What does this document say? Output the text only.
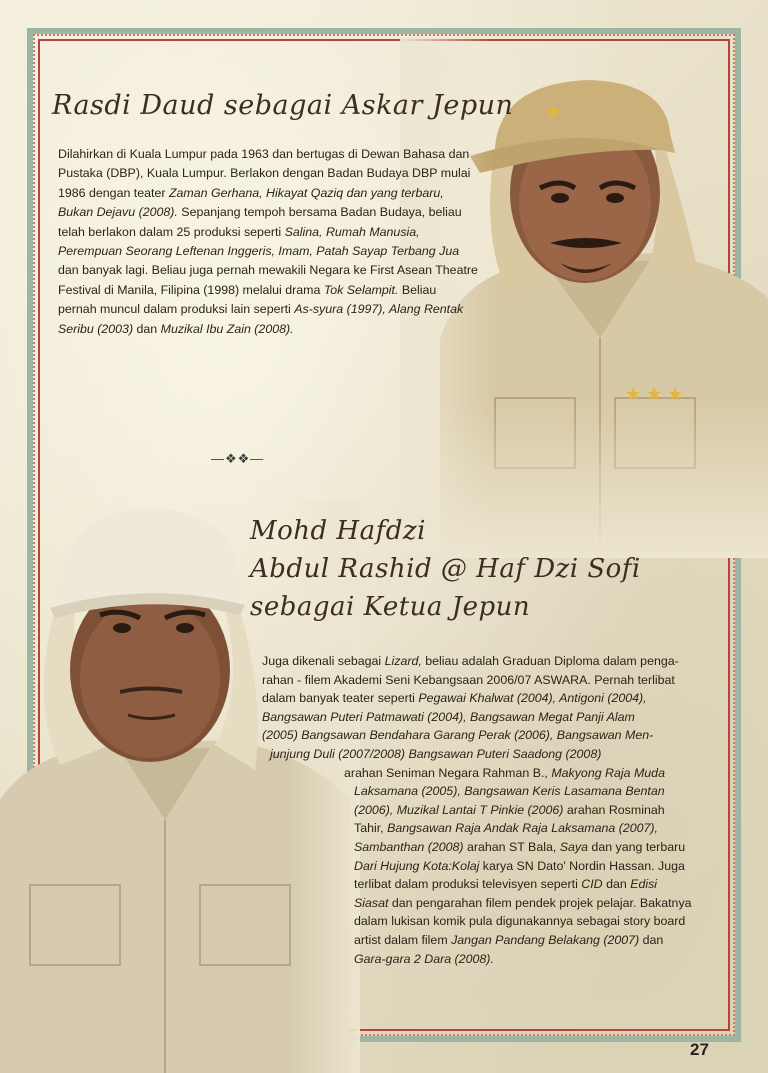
Rasdi Daud sebagai Askar Jepun

Dilahirkan di Kuala Lumpur pada 1963 dan bertugas di Dewan Bahasa dan Pustaka (DBP), Kuala Lumpur. Berlakon dengan Badan Budaya DBP mulai 1986 dengan teater Zaman Gerhana, Hikayat Qaziq dan yang terbaru, Bukan Dejavu (2008). Sepanjang tempoh bersama Badan Budaya, beliau telah berlakon dalam 25 produksi seperti Salina, Rumah Manusia, Perempuan Seorang Leftenan Inggeris, Imam, Patah Sayap Terbang Jua dan banyak lagi. Beliau juga pernah mewakili Negara ke First Asean Theatre Festival di Manila, Filipina (1998) melalui drama Tok Selampit. Beliau pernah muncul dalam produksi lain seperti As-syura (1997), Alang Rentak Seribu (2003) dan Muzikal Ibu Zain (2008).

—❖❖—
Mohd Hafdzi
Abdul Rashid @ Haf Dzi Sofi
sebagai Ketua Jepun

Juga dikenali sebagai Lizard, beliau adalah Graduan Diploma dalam penga-
rahan - filem Akademi Seni Kebangsaan 2006/07 ASWARA. Pernah terlibat
dalam banyak teater seperti Pegawai Khalwat (2004), Antigoni (2004),
Bangsawan Puteri Patmawati (2004), Bangsawan Megat Panji Alam
(2005) Bangsawan Bendahara Garang Perak (2006), Bangsawan Men-
junjung Duli (2007/2008) Bangsawan Puteri Saadong (2008)
arahan Seniman Negara Rahman B., Makyong Raja Muda
Laksamana (2005), Bangsawan Keris Lasamana Bentan
(2006), Muzikal Lantai T Pinkie (2006) arahan Rosminah
Tahir, Bangsawan Raja Andak Raja Laksamana (2007),
Sambanthan (2008) arahan ST Bala, Saya dan yang terbaru
Dari Hujung Kota:Kolaj karya SN Dato' Nordin Hassan. Juga
terlibat dalam produksi televisyen seperti CID dan Edisi
Siasat dan pengarahan filem pendek projek pelajar. Bakatnya
dalam lukisan komik pula digunakannya sebagai story board
artist dalam filem Jangan Pandang Belakang (2007) dan
Gara-gara 2 Dara (2008).

27
